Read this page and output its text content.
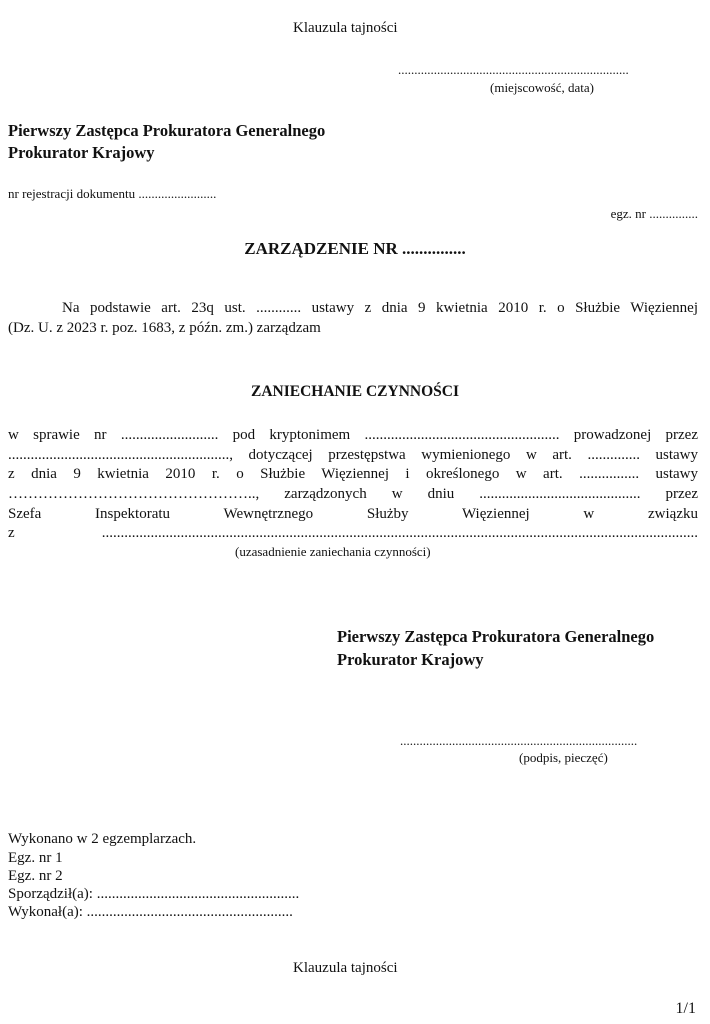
Klauzula tajności
.......................................................................
(miejscowość, data)
Pierwszy Zastępca Prokuratora Generalnego
Prokurator Krajowy
nr rejestracji dokumentu ........................
egz. nr ...............
ZARZĄDZENIE NR ...............
Na podstawie art. 23q ust. ............ ustawy z dnia 9 kwietnia 2010 r. o Służbie Więziennej
(Dz. U. z 2023 r. poz. 1683, z późn. zm.) zarządzam
ZANIECHANIE CZYNNOŚCI
w sprawie nr .......................... pod kryptonimem .................................................... prowadzonej przez
..........................................................., dotyczącej przestępstwa wymienionego w art. .............. ustawy
z dnia 9 kwietnia 2010 r. o Służbie Więziennej i określonego w art. ................ ustawy
………………………………………….., zarządzonych w dniu ........................................... przez
Szefa Inspektoratu Wewnętrznego Służby Więziennej w związku
z ...............................................................................................................................................................
(uzasadnienie zaniechania czynności)
Pierwszy Zastępca Prokuratora Generalnego
Prokurator Krajowy
.........................................................................
(podpis, pieczęć)
Wykonano w 2 egzemplarzach.
Egz. nr 1
Egz. nr 2
Sporządził(a): ......................................................
Wykonał(a): .......................................................
Klauzula tajności
1/1
